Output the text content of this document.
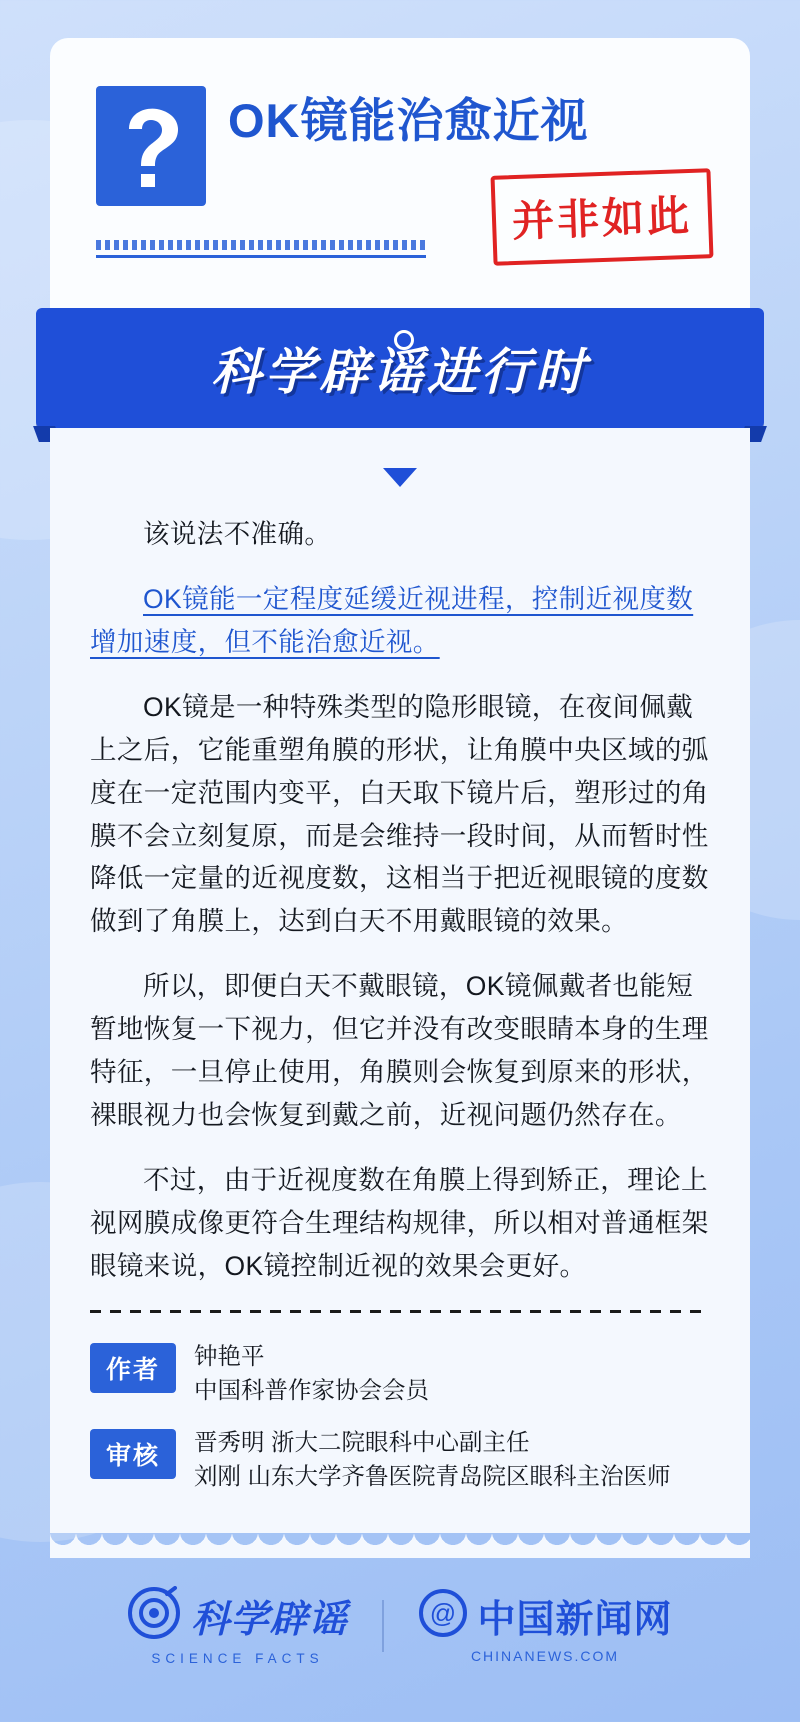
OK镜能治愈近视
并非如此
科学辟谣进行时

该说法不准确。

OK镜能一定程度延缓近视进程，控制近视度数增加速度，但不能治愈近视。

OK镜是一种特殊类型的隐形眼镜，在夜间佩戴上之后，它能重塑角膜的形状，让角膜中央区域的弧度在一定范围内变平，白天取下镜片后，塑形过的角膜不会立刻复原，而是会维持一段时间，从而暂时性降低一定量的近视度数，这相当于把近视眼镜的度数做到了角膜上，达到白天不用戴眼镜的效果。

所以，即便白天不戴眼镜，OK镜佩戴者也能短暂地恢复一下视力，但它并没有改变眼睛本身的生理特征，一旦停止使用，角膜则会恢复到原来的形状，裸眼视力也会恢复到戴之前，近视问题仍然存在。

不过，由于近视度数在角膜上得到矫正，理论上视网膜成像更符合生理结构规律，所以相对普通框架眼镜来说，OK镜控制近视的效果会更好。

作者	钟艳平
中国科普作家协会会员
审核	晋秀明 浙大二院眼科中心副主任
刘刚 山东大学齐鲁医院青岛院区眼科主治医师
科学辟谣
SCIENCE FACTS
@ 中国新闻网
CHINANEWS.COM
